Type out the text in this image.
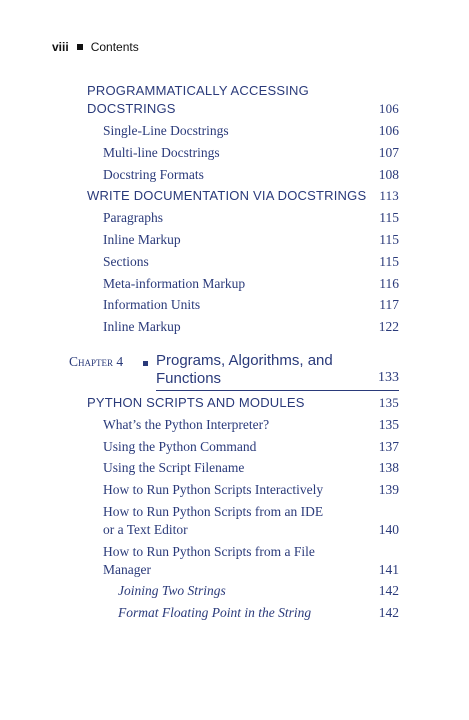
viii Contents
PROGRAMMATICALLY ACCESSING
DOCSTRINGS	106
Single-Line Docstrings	106
Multi-line Docstrings	107
Docstring Formats	108
WRITE DOCUMENTATION VIA DOCSTRINGS 113
Paragraphs	115
Inline Markup	115
Sections	115
Meta-information Markup	116
Information Units	117
Inline Markup	122
Chapter 4 Programs, Algorithms, and
Functions	133
PYTHON SCRIPTS AND MODULES	135
What’s the Python Interpreter?	135
Using the Python Command	137
Using the Script Filename	138
How to Run Python Scripts Interactively	139
How to Run Python Scripts from an IDE
or a Text Editor	140
How to Run Python Scripts from a File
Manager	141
Joining Two Strings	142
Format Floating Point in the String	142
